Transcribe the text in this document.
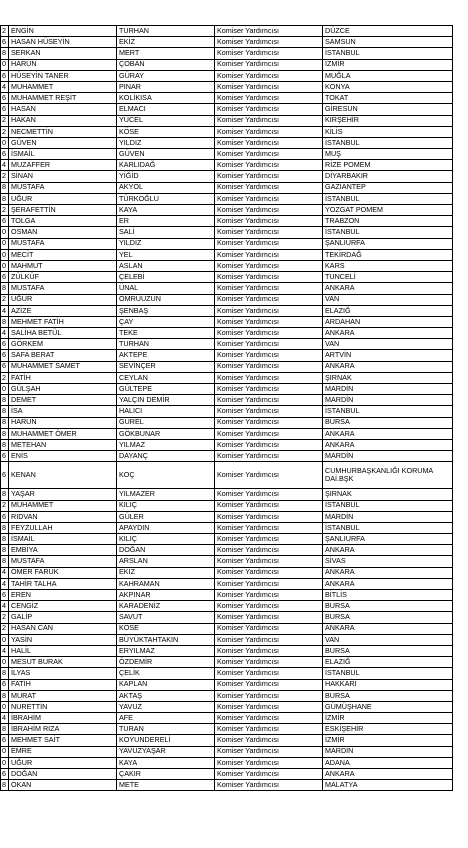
2	ENGİN	TURHAN	Komiser Yardımcısı	DÜZCE
6	HASAN HÜSEYİN	EKİZ	Komiser Yardımcısı	SAMSUN
8	SERKAN	MERT	Komiser Yardımcısı	İSTANBUL
0	HARUN	ÇOBAN	Komiser Yardımcısı	İZMİR
6	HÜSEYİN TANER	GÜRAY	Komiser Yardımcısı	MUĞLA
4	MUHAMMET	PINAR	Komiser Yardımcısı	KONYA
6	MUHAMMET REŞİT	KOLİKISA	Komiser Yardımcısı	TOKAT
6	HASAN	ELMACI	Komiser Yardımcısı	GİRESUN
2	HAKAN	YÜCEL	Komiser Yardımcısı	KIRŞEHİR
2	NECMETTİN	KÖSE	Komiser Yardımcısı	KİLİS
0	GÜVEN	YILDIZ	Komiser Yardımcısı	İSTANBUL
6	İSMAİL	GÜVEN	Komiser Yardımcısı	MUŞ
4	MUZAFFER	KARLIDAĞ	Komiser Yardımcısı	RİZE POMEM
2	SİNAN	YİĞİD	Komiser Yardımcısı	DİYARBAKIR
8	MUSTAFA	AKYOL	Komiser Yardımcısı	GAZİANTEP
8	UĞUR	TÜRKOĞLU	Komiser Yardımcısı	İSTANBUL
2	ŞERAFETTİN	KAYA	Komiser Yardımcısı	YOZGAT POMEM
6	TOLGA	ER	Komiser Yardımcısı	TRABZON
0	OSMAN	SALİ	Komiser Yardımcısı	İSTANBUL
0	MUSTAFA	YILDIZ	Komiser Yardımcısı	ŞANLIURFA
0	MECİT	YEL	Komiser Yardımcısı	TEKİRDAĞ
0	MAHMUT	ASLAN	Komiser Yardımcısı	KARS
6	ZÜLKÜF	ÇELEBİ	Komiser Yardımcısı	TUNCELİ
8	MUSTAFA	ÜNAL	Komiser Yardımcısı	ANKARA
2	UĞUR	ÖMRÜUZUN	Komiser Yardımcısı	VAN
4	AZİZE	ŞENBAŞ	Komiser Yardımcısı	ELAZIĞ
8	MEHMET FATİH	ÇAY	Komiser Yardımcısı	ARDAHAN
4	SALİHA BETÜL	TEKE	Komiser Yardımcısı	ANKARA
6	GÖRKEM	TURHAN	Komiser Yardımcısı	VAN
6	SAFA BERAT	AKTEPE	Komiser Yardımcısı	ARTVİN
6	MUHAMMET SAMET	SEVİNÇER	Komiser Yardımcısı	ANKARA
2	FATİH	CEYLAN	Komiser Yardımcısı	ŞIRNAK
0	GÜLŞAH	GÜLTEPE	Komiser Yardımcısı	MARDİN
8	DEMET	YALÇIN DEMİR	Komiser Yardımcısı	MARDİN
8	İSA	HALICI	Komiser Yardımcısı	İSTANBUL
8	HARUN	GÜREL	Komiser Yardımcısı	BURSA
8	MUHAMMET ÖMER	GÖKBUNAR	Komiser Yardımcısı	ANKARA
8	METEHAN	YILMAZ	Komiser Yardımcısı	ANKARA
6	ENİS	DAYANÇ	Komiser Yardımcısı	MARDİN
6	KENAN	KOÇ	Komiser Yardımcısı	CUMHURBAŞKANLIĞI KORUMA DAİ.BŞK
8	YAŞAR	YILMAZER	Komiser Yardımcısı	ŞIRNAK
2	MUHAMMET	KILIÇ	Komiser Yardımcısı	İSTANBUL
6	RIDVAN	GÜLER	Komiser Yardımcısı	MARDİN
8	FEYZULLAH	APAYDIN	Komiser Yardımcısı	İSTANBUL
8	İSMAİL	KILIÇ	Komiser Yardımcısı	ŞANLIURFA
8	EMBİYA	DOĞAN	Komiser Yardımcısı	ANKARA
8	MUSTAFA	ARSLAN	Komiser Yardımcısı	SİVAS
4	ÖMER FARUK	EKİZ	Komiser Yardımcısı	ANKARA
4	TAHİR TALHA	KAHRAMAN	Komiser Yardımcısı	ANKARA
6	EREN	AKPINAR	Komiser Yardımcısı	BİTLİS
4	CENGİZ	KARADENİZ	Komiser Yardımcısı	BURSA
2	GALİP	SAVUT	Komiser Yardımcısı	BURSA
2	HASAN CAN	KÖSE	Komiser Yardımcısı	ANKARA
0	YASİN	BÜYÜKTAHTAKIN	Komiser Yardımcısı	VAN
4	HALİL	ERYILMAZ	Komiser Yardımcısı	BURSA
0	MESUT BURAK	ÖZDEMİR	Komiser Yardımcısı	ELAZIĞ
8	İLYAS	ÇELİK	Komiser Yardımcısı	İSTANBUL
6	FATİH	KAPLAN	Komiser Yardımcısı	HAKKARİ
8	MURAT	AKTAŞ	Komiser Yardımcısı	BURSA
0	NURETTİN	YAVUZ	Komiser Yardımcısı	GÜMÜŞHANE
4	İBRAHİM	AFE	Komiser Yardımcısı	İZMİR
8	İBRAHİM RIZA	TURAN	Komiser Yardımcısı	ESKİŞEHİR
6	MEHMET SAİT	KOYUNDERELİ	Komiser Yardımcısı	İZMİR
0	EMRE	YAVUZYAŞAR	Komiser Yardımcısı	MARDİN
0	UĞUR	KAYA	Komiser Yardımcısı	ADANA
6	DOĞAN	ÇAKIR	Komiser Yardımcısı	ANKARA
8	OKAN	METE	Komiser Yardımcısı	MALATYA
